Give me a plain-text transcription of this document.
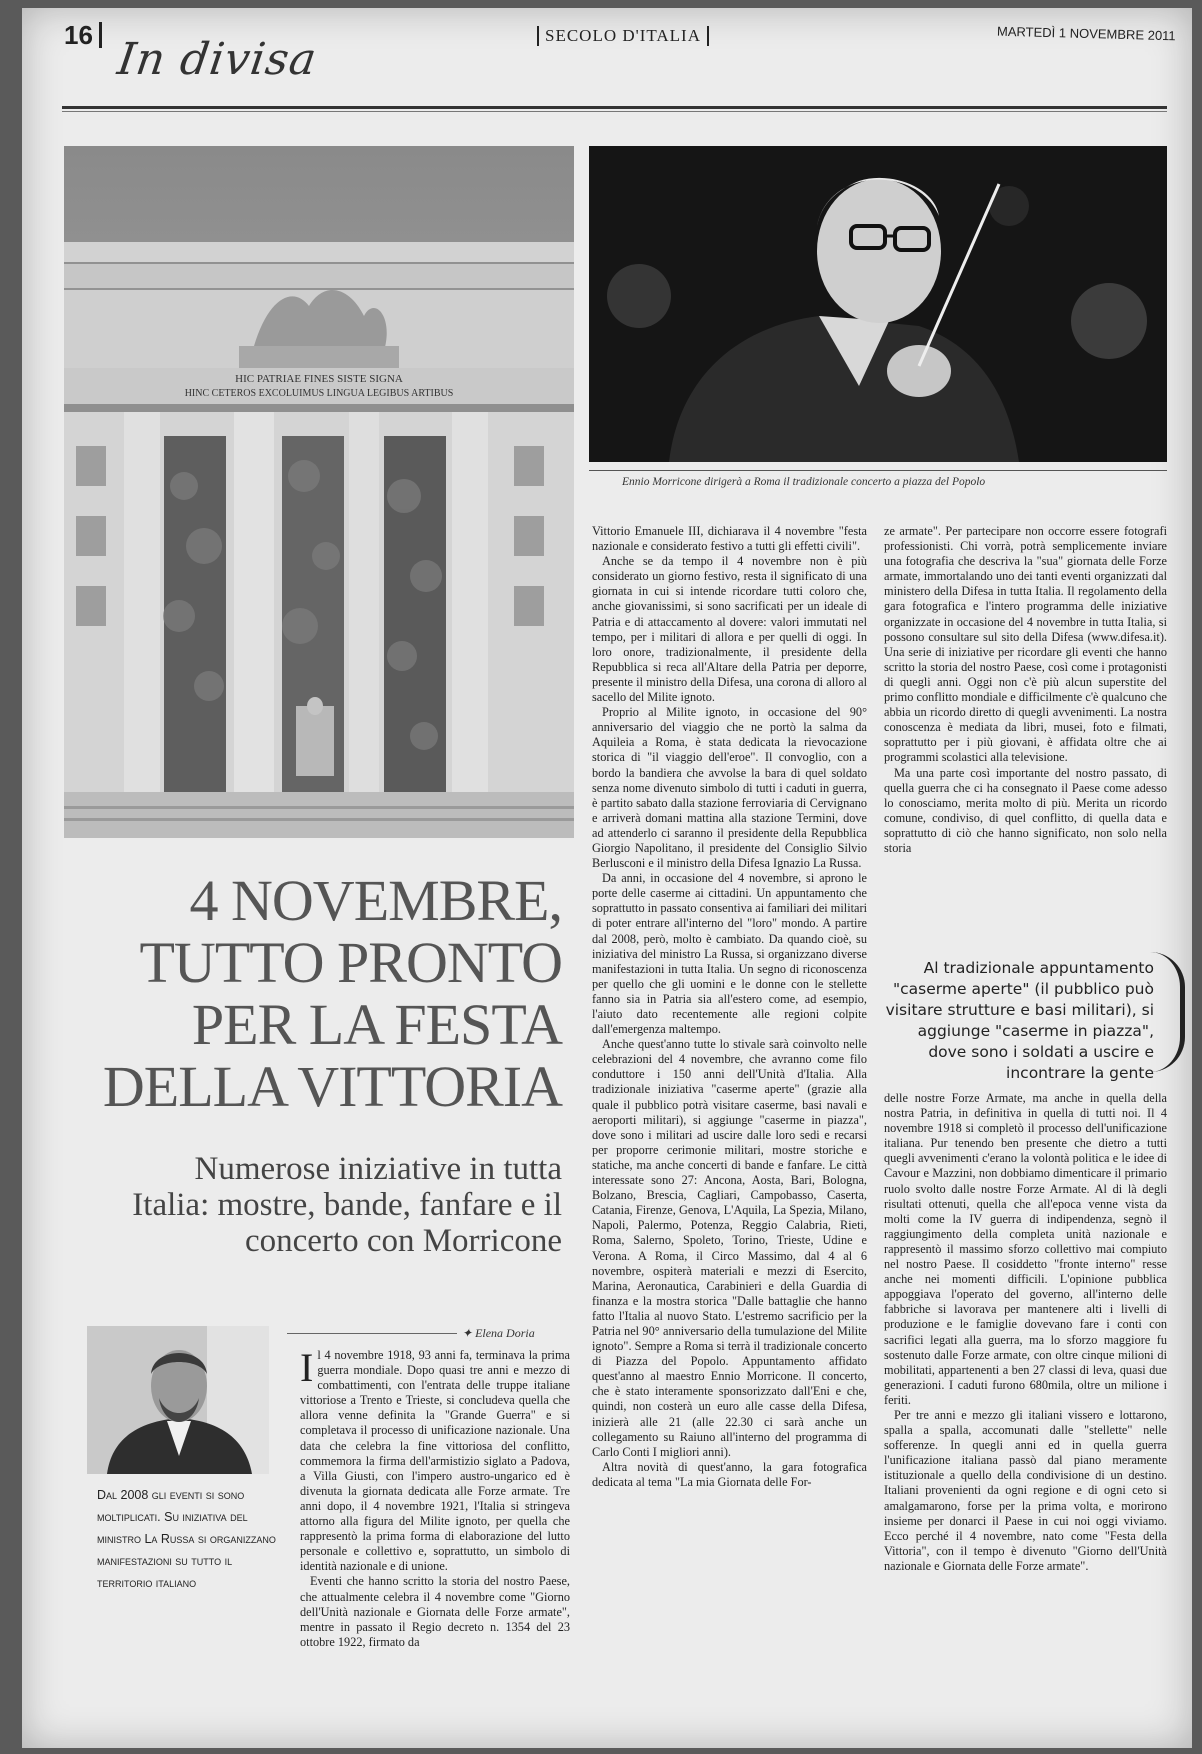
16 In divisa	SECOLO D'ITALIA	MARTEDÌ 1 NOVEMBRE 2011
HIC PATRIAE FINES SISTE SIGNA
HINC CETEROS EXCOLUIMUS LINGUA LEGIBUS ARTIBUS
Ennio Morricone dirigerà a Roma il tradizionale concerto a piazza del Popolo
4 NOVEMBRE,
TUTTO PRONTO
PER LA FESTA
DELLA VITTORIA
Numerose iniziative in tutta Italia: mostre, bande, fanfare e il concerto con Morricone
✦ Elena Doria
Dal 2008 gli eventi si sono moltiplicati. Su iniziativa del ministro La Russa si organizzano manifestazioni su tutto il territorio italiano
I l 4 novembre 1918, 93 anni fa, terminava la prima guerra mondiale. Dopo quasi tre anni e mezzo di combattimenti, con l'entrata delle truppe italiane vittoriose a Trento e Trieste, si concludeva quella che allora venne definita la "Grande Guerra" e si completava il processo di unificazione nazionale. Una data che celebra la fine vittoriosa del conflitto, commemora la firma dell'armistizio siglato a Padova, a Villa Giusti, con l'impero austro-ungarico ed è divenuta la giornata dedicata alle Forze armate. Tre anni dopo, il 4 novembre 1921, l'Italia si stringeva attorno alla figura del Milite ignoto, per quella che rappresentò la prima forma di elaborazione del lutto personale e collettivo e, soprattutto, un simbolo di identità nazionale e di unione.

Eventi che hanno scritto la storia del nostro Paese, che attualmente celebra il 4 novembre come "Giorno dell'Unità nazionale e Giornata delle Forze armate", mentre in passato il Regio decreto n. 1354 del 23 ottobre 1922, firmato da

Vittorio Emanuele III, dichiarava il 4 novembre "festa nazionale e considerato festivo a tutti gli effetti civili".

Anche se da tempo il 4 novembre non è più considerato un giorno festivo, resta il significato di una giornata in cui si intende ricordare tutti coloro che, anche giovanissimi, si sono sacrificati per un ideale di Patria e di attaccamento al dovere: valori immutati nel tempo, per i militari di allora e per quelli di oggi. In loro onore, tradizionalmente, il presidente della Repubblica si reca all'Altare della Patria per deporre, presente il ministro della Difesa, una corona di alloro al sacello del Milite ignoto.

Proprio al Milite ignoto, in occasione del 90° anniversario del viaggio che ne portò la salma da Aquileia a Roma, è stata dedicata la rievocazione storica di "il viaggio dell'eroe". Il convoglio, con a bordo la bandiera che avvolse la bara di quel soldato senza nome divenuto simbolo di tutti i caduti in guerra, è partito sabato dalla stazione ferroviaria di Cervignano e arriverà domani mattina alla stazione Termini, dove ad attenderlo ci saranno il presidente della Repubblica Giorgio Napolitano, il presidente del Consiglio Silvio Berlusconi e il ministro della Difesa Ignazio La Russa.

Da anni, in occasione del 4 novembre, si aprono le porte delle caserme ai cittadini. Un appuntamento che soprattutto in passato consentiva ai familiari dei militari di poter entrare all'interno del "loro" mondo. A partire dal 2008, però, molto è cambiato. Da quando cioè, su iniziativa del ministro La Russa, si organizzano diverse manifestazioni in tutta Italia. Un segno di riconoscenza per quello che gli uomini e le donne con le stellette fanno sia in Patria sia all'estero come, ad esempio, l'aiuto dato recentemente alle regioni colpite dall'emergenza maltempo.

Anche quest'anno tutte lo stivale sarà coinvolto nelle celebrazioni del 4 novembre, che avranno come filo conduttore i 150 anni dell'Unità d'Italia. Alla tradizionale iniziativa "caserme aperte" (grazie alla quale il pubblico potrà visitare caserme, basi navali e aeroporti militari), si aggiunge "caserme in piazza", dove sono i militari ad uscire dalle loro sedi e recarsi per proporre cerimonie militari, mostre storiche e statiche, ma anche concerti di bande e fanfare. Le città interessate sono 27: Ancona, Aosta, Bari, Bologna, Bolzano, Brescia, Cagliari, Campobasso, Caserta, Catania, Firenze, Genova, L'Aquila, La Spezia, Milano, Napoli, Palermo, Potenza, Reggio Calabria, Rieti, Roma, Salerno, Spoleto, Torino, Trieste, Udine e Verona. A Roma, il Circo Massimo, dal 4 al 6 novembre, ospiterà materiali e mezzi di Esercito, Marina, Aeronautica, Carabinieri e della Guardia di finanza e la mostra storica "Dalle battaglie che hanno fatto l'Italia al nuovo Stato. L'estremo sacrificio per la Patria nel 90° anniversario della tumulazione del Milite ignoto". Sempre a Roma si terrà il tradizionale concerto di Piazza del Popolo. Appuntamento affidato quest'anno al maestro Ennio Morricone. Il concerto, che è stato interamente sponsorizzato dall'Eni e che, quindi, non costerà un euro alle casse della Difesa, inizierà alle 21 (alle 22.30 ci sarà anche un collegamento su Raiuno all'interno del programma di Carlo Conti I migliori anni).

Altra novità di quest'anno, la gara fotografica dedicata al tema "La mia Giornata delle For-

ze armate". Per partecipare non occorre essere fotografi professionisti. Chi vorrà, potrà semplicemente inviare una fotografia che descriva la "sua" giornata delle Forze armate, immortalando uno dei tanti eventi organizzati dal ministero della Difesa in tutta Italia. Il regolamento della gara fotografica e l'intero programma delle iniziative organizzate in occasione del 4 novembre in tutta Italia, si possono consultare sul sito della Difesa (www.difesa.it). Una serie di iniziative per ricordare gli eventi che hanno scritto la storia del nostro Paese, così come i protagonisti di quegli anni. Oggi non c'è più alcun superstite del primo conflitto mondiale e difficilmente c'è qualcuno che abbia un ricordo diretto di quegli avvenimenti. La nostra conoscenza è mediata da libri, musei, foto e filmati, soprattutto per i più giovani, è affidata oltre che ai programmi scolastici alla televisione.

Ma una parte così importante del nostro passato, di quella guerra che ci ha consegnato il Paese come adesso lo conosciamo, merita molto di più. Merita un ricordo comune, condiviso, di quel conflitto, di quella data e soprattutto di ciò che hanno significato, non solo nella storia

Al tradizionale appuntamento "caserme aperte" (il pubblico può visitare strutture e basi militari), si aggiunge "caserme in piazza", dove sono i soldati a uscire e incontrare la gente

delle nostre Forze Armate, ma anche in quella della nostra Patria, in definitiva in quella di tutti noi. Il 4 novembre 1918 si completò il processo dell'unificazione italiana. Pur tenendo ben presente che dietro a tutti quegli avvenimenti c'erano la volontà politica e le idee di Cavour e Mazzini, non dobbiamo dimenticare il primario ruolo svolto dalle nostre Forze Armate. Al di là degli risultati ottenuti, quella che all'epoca venne vista da molti come la IV guerra di indipendenza, segnò il raggiungimento della completa unità nazionale e rappresentò il massimo sforzo collettivo mai compiuto nel nostro Paese. Il cosiddetto "fronte interno" resse anche nei momenti difficili. L'opinione pubblica appoggiava l'operato del governo, all'interno delle fabbriche si lavorava per mantenere alti i livelli di produzione e le famiglie dovevano fare i conti con sacrifici legati alla guerra, ma lo sforzo maggiore fu sostenuto dalle Forze armate, con oltre cinque milioni di mobilitati, appartenenti a ben 27 classi di leva, quasi due generazioni. I caduti furono 680mila, oltre un milione i feriti.

Per tre anni e mezzo gli italiani vissero e lottarono, spalla a spalla, accomunati dalle "stellette" nelle sofferenze. In quegli anni ed in quella guerra l'unificazione italiana passò dal piano meramente istituzionale a quello della condivisione di un destino. Italiani provenienti da ogni regione e di ogni ceto si amalgamarono, forse per la prima volta, e morirono insieme per donarci il Paese in cui noi oggi viviamo. Ecco perché il 4 novembre, nato come "Festa della Vittoria", con il tempo è divenuto "Giorno dell'Unità nazionale e Giornata delle Forze armate".
